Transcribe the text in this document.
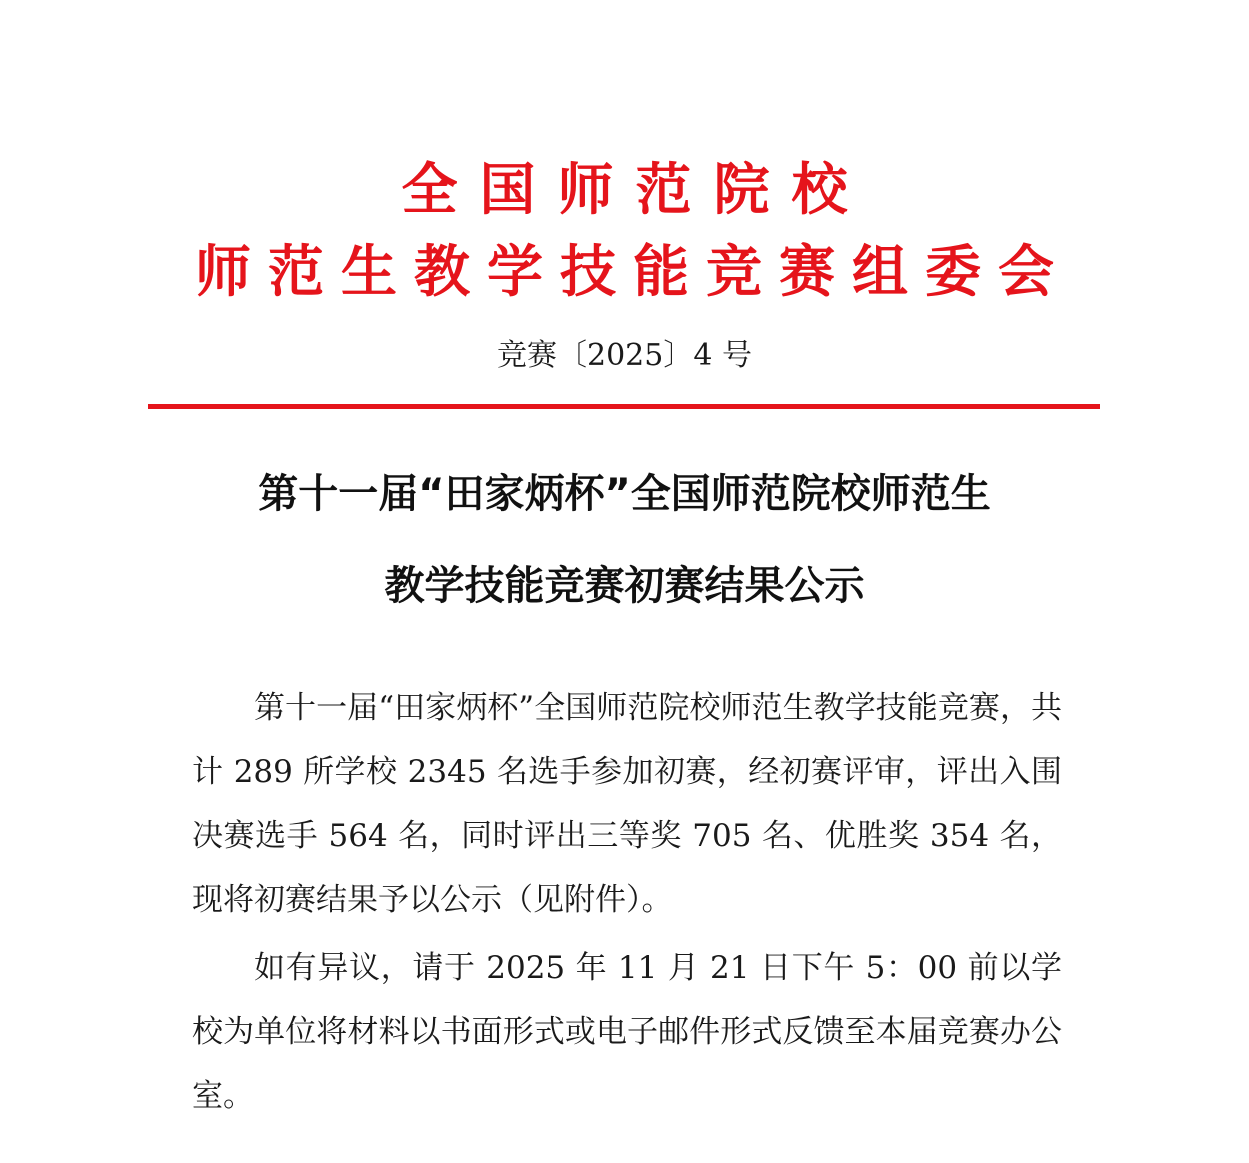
全国师范院校
师范生教学技能竞赛组委会
竞赛〔2025〕4 号
第十一届“田家炳杯”全国师范院校师范生
教学技能竞赛初赛结果公示

第十一届“田家炳杯”全国师范院校师范生教学技能竞赛，共计 289 所学校 2345 名选手参加初赛，经初赛评审，评出入围决赛选手 564 名，同时评出三等奖 705 名、优胜奖 354 名，现将初赛结果予以公示（见附件）。

如有异议，请于 2025 年 11 月 21 日下午 5：00 前以学校为单位将材料以书面形式或电子邮件形式反馈至本届竞赛办公室。
